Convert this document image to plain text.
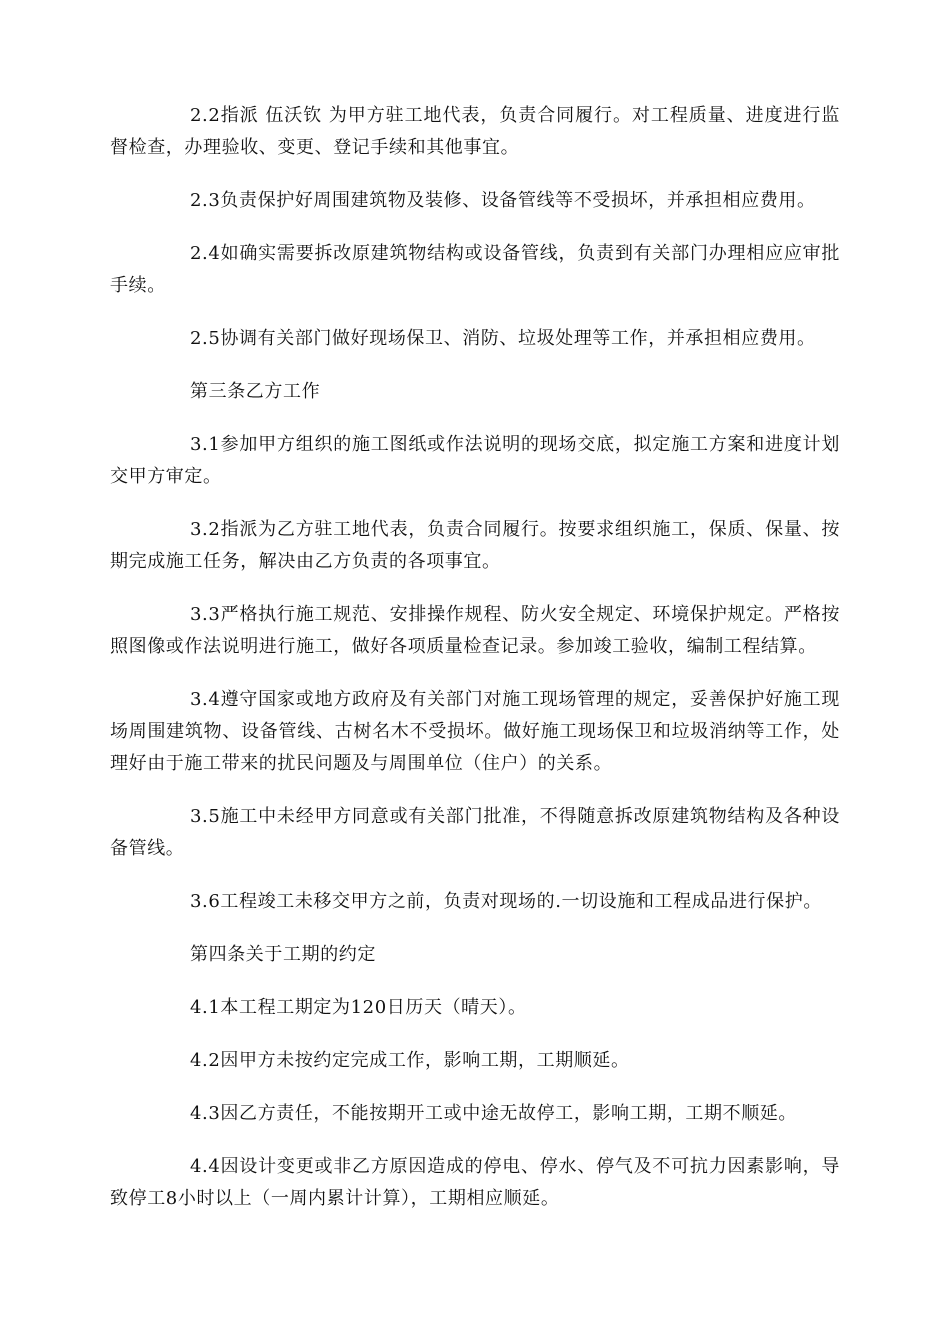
2.2指派 伍沃钦 为甲方驻工地代表，负责合同履行。对工程质量、进度进行监督检查，办理验收、变更、登记手续和其他事宜。

2.3负责保护好周围建筑物及装修、设备管线等不受损坏，并承担相应费用。

2.4如确实需要拆改原建筑物结构或设备管线，负责到有关部门办理相应应审批手续。

2.5协调有关部门做好现场保卫、消防、垃圾处理等工作，并承担相应费用。

第三条乙方工作

3.1参加甲方组织的施工图纸或作法说明的现场交底，拟定施工方案和进度计划交甲方审定。

3.2指派为乙方驻工地代表，负责合同履行。按要求组织施工，保质、保量、按期完成施工任务，解决由乙方负责的各项事宜。

3.3严格执行施工规范、安排操作规程、防火安全规定、环境保护规定。严格按照图像或作法说明进行施工，做好各项质量检查记录。参加竣工验收，编制工程结算。

3.4遵守国家或地方政府及有关部门对施工现场管理的规定，妥善保护好施工现场周围建筑物、设备管线、古树名木不受损坏。做好施工现场保卫和垃圾消纳等工作，处理好由于施工带来的扰民问题及与周围单位（住户）的关系。

3.5施工中未经甲方同意或有关部门批准，不得随意拆改原建筑物结构及各种设备管线。

3.6工程竣工未移交甲方之前，负责对现场的.一切设施和工程成品进行保护。

第四条关于工期的约定

4.1本工程工期定为120日历天（晴天）。

4.2因甲方未按约定完成工作，影响工期，工期顺延。

4.3因乙方责任，不能按期开工或中途无故停工，影响工期，工期不顺延。

4.4因设计变更或非乙方原因造成的停电、停水、停气及不可抗力因素影响，导致停工8小时以上（一周内累计计算），工期相应顺延。
